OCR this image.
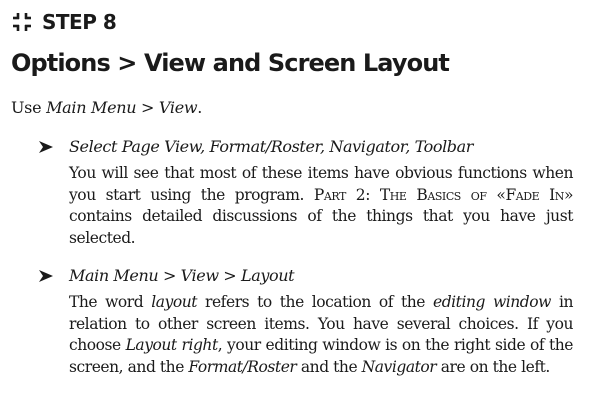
STEP 8
Options > View and Screen Layout
Use Main Menu > View.
Select Page View, Format/Roster, Navigator, Toolbar
You will see that most of these items have obvious functions when you start using the program. Part 2: The Basics of «Fade In» contains detailed discussions of the things that you have just selected.
Main Menu > View > Layout
The word layout refers to the location of the editing window in relation to other screen items. You have several choices. If you choose Layout right, your editing window is on the right side of the screen, and the Format/Roster and the Navigator are on the left.
